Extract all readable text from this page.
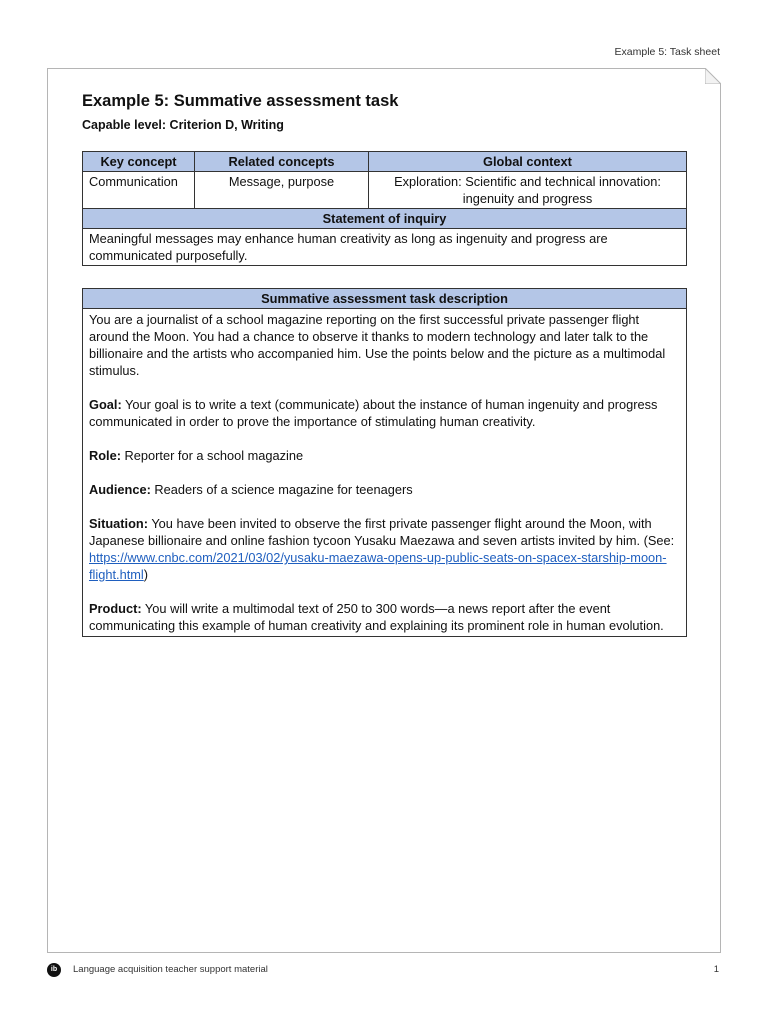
Example 5: Task sheet
Example 5: Summative assessment task
Capable level: Criterion D, Writing
Key concept	Related concepts	Global context
Communication	Message, purpose	Exploration: Scientific and technical innovation: ingenuity and progress
Statement of inquiry		
Meaningful messages may enhance human creativity as long as ingenuity and progress are communicated purposefully.		
Summative assessment task description

You are a journalist of a school magazine reporting on the first successful private passenger flight around the Moon. You had a chance to observe it thanks to modern technology and later talk to the billionaire and the artists who accompanied him. Use the points below and the picture as a multimodal stimulus.

Goal: Your goal is to write a text (communicate) about the instance of human ingenuity and progress communicated in order to prove the importance of stimulating human creativity.

Role: Reporter for a school magazine

Audience: Readers of a science magazine for teenagers

Situation: You have been invited to observe the first private passenger flight around the Moon, with Japanese billionaire and online fashion tycoon Yusaku Maezawa and seven artists invited by him. (See: https://www.cnbc.com/2021/03/02/yusaku-maezawa-opens-up-public-seats-on-spacex-starship-moon-flight.html)

Product: You will write a multimodal text of 250 to 300 words—a news report after the event communicating this example of human creativity and explaining its prominent role in human evolution.

ib	Language acquisition teacher support material	1
